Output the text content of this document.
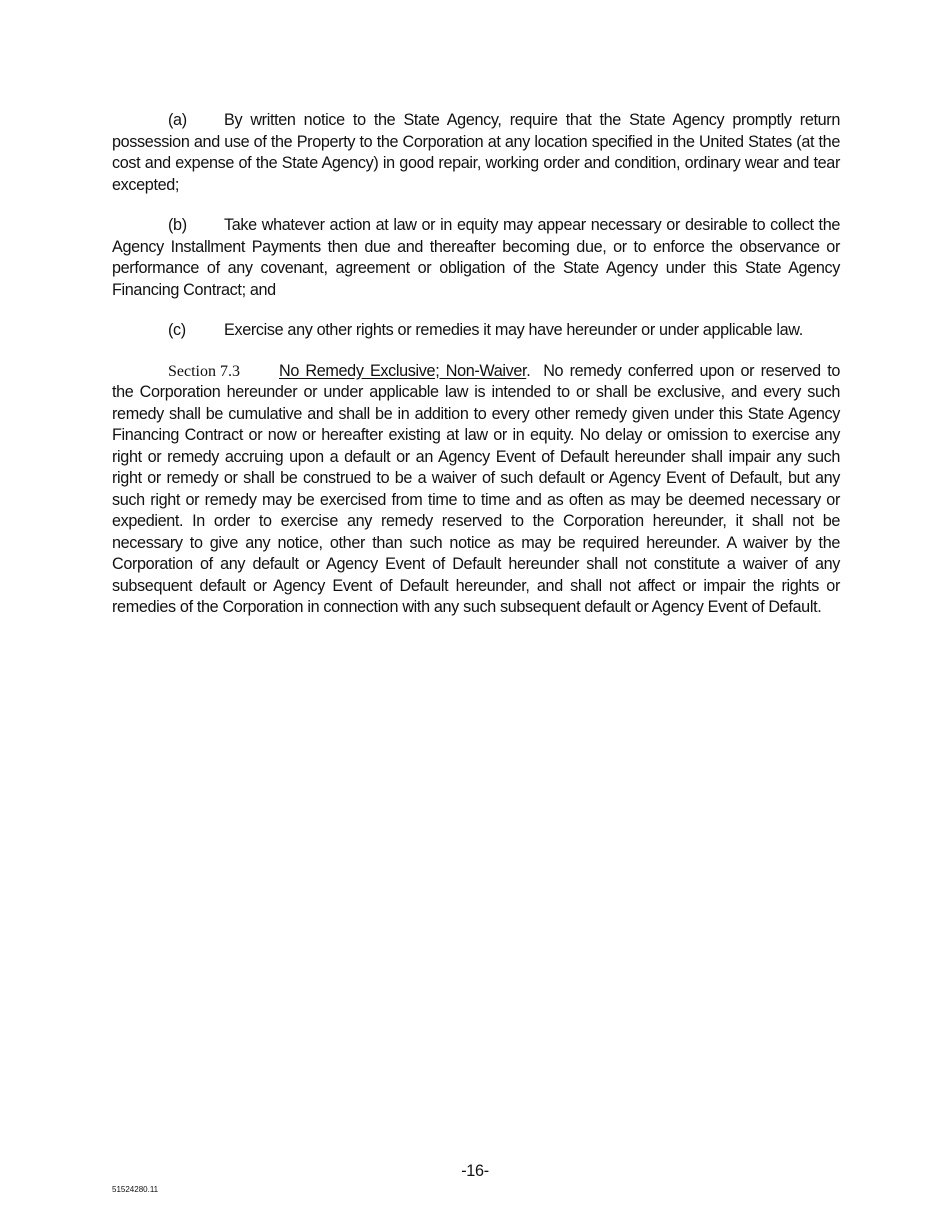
(a) By written notice to the State Agency, require that the State Agency promptly return possession and use of the Property to the Corporation at any location specified in the United States (at the cost and expense of the State Agency) in good repair, working order and condition, ordinary wear and tear excepted;

(b) Take whatever action at law or in equity may appear necessary or desirable to collect the Agency Installment Payments then due and thereafter becoming due, or to enforce the observance or performance of any covenant, agreement or obligation of the State Agency under this State Agency Financing Contract; and

(c) Exercise any other rights or remedies it may have hereunder or under applicable law.

Section 7.3 No Remedy Exclusive; Non-Waiver. No remedy conferred upon or reserved to the Corporation hereunder or under applicable law is intended to or shall be exclusive, and every such remedy shall be cumulative and shall be in addition to every other remedy given under this State Agency Financing Contract or now or hereafter existing at law or in equity. No delay or omission to exercise any right or remedy accruing upon a default or an Agency Event of Default hereunder shall impair any such right or remedy or shall be construed to be a waiver of such default or Agency Event of Default, but any such right or remedy may be exercised from time to time and as often as may be deemed necessary or expedient. In order to exercise any remedy reserved to the Corporation hereunder, it shall not be necessary to give any notice, other than such notice as may be required hereunder. A waiver by the Corporation of any default or Agency Event of Default hereunder shall not constitute a waiver of any subsequent default or Agency Event of Default hereunder, and shall not affect or impair the rights or remedies of the Corporation in connection with any such subsequent default or Agency Event of Default.

-16-
51524280.11
